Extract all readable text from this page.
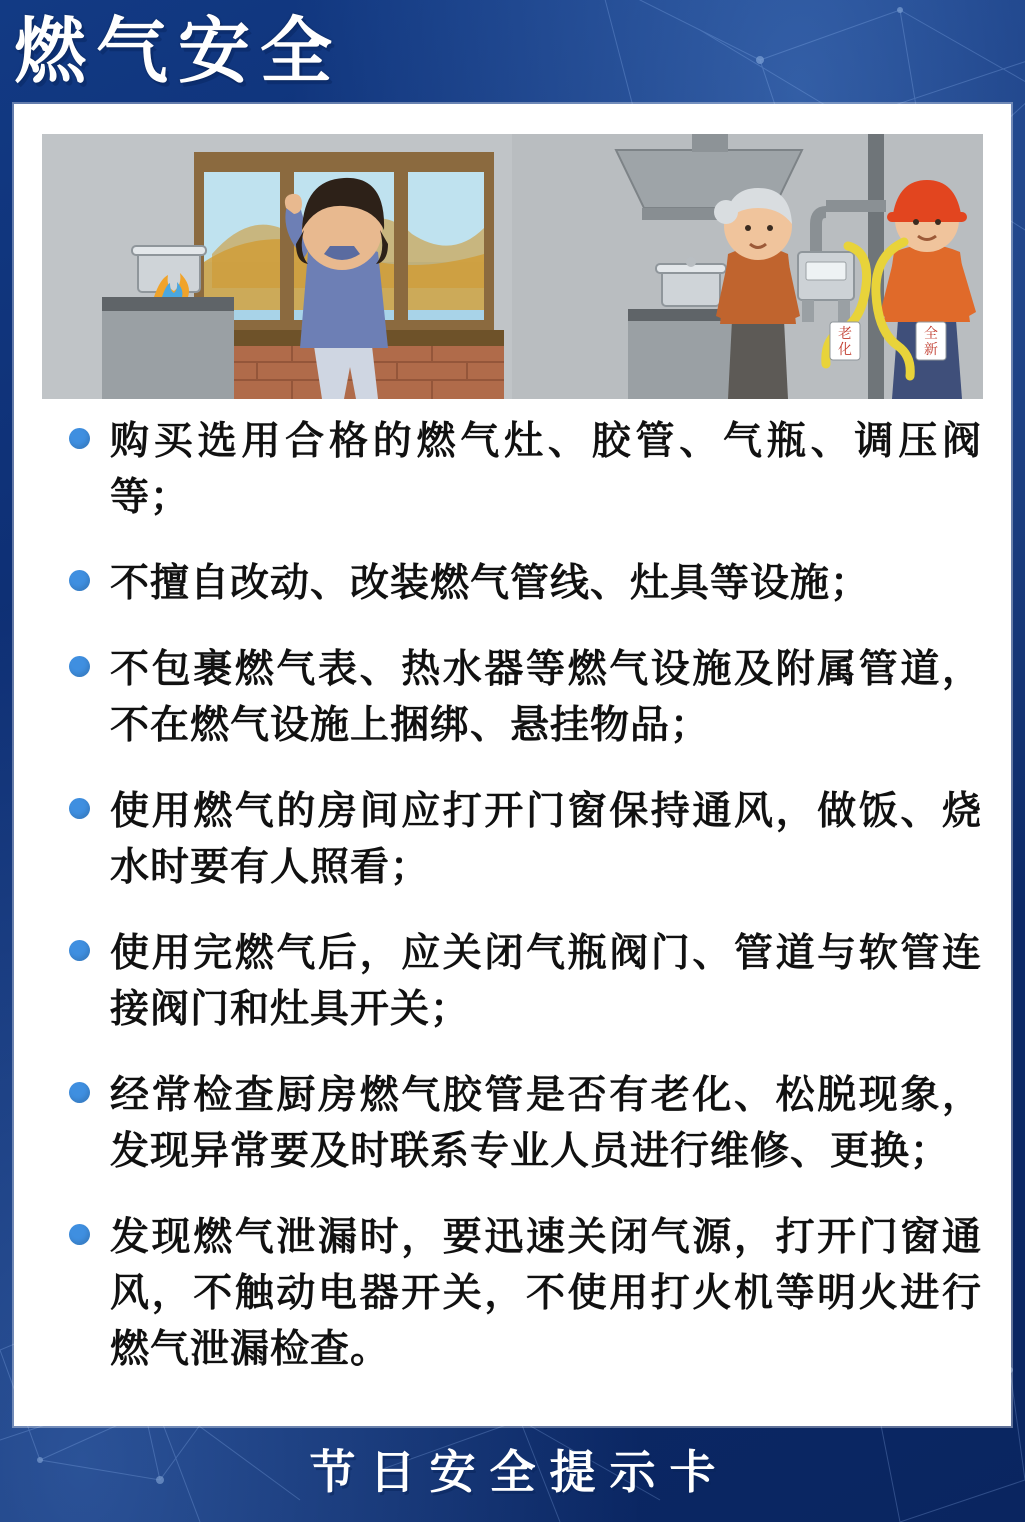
燃气安全
老
化
全
新
购买选用合格的燃气灶、胶管、气瓶、调压阀等；
不擅自改动、改装燃气管线、灶具等设施；
不包裹燃气表、热水器等燃气设施及附属管道，不在燃气设施上捆绑、悬挂物品；
使用燃气的房间应打开门窗保持通风，做饭、烧水时要有人照看；
使用完燃气后，应关闭气瓶阀门、管道与软管连接阀门和灶具开关；
经常检查厨房燃气胶管是否有老化、松脱现象，发现异常要及时联系专业人员进行维修、更换；
发现燃气泄漏时，要迅速关闭气源，打开门窗通风，不触动电器开关，不使用打火机等明火进行燃气泄漏检查。
节日安全提示卡
